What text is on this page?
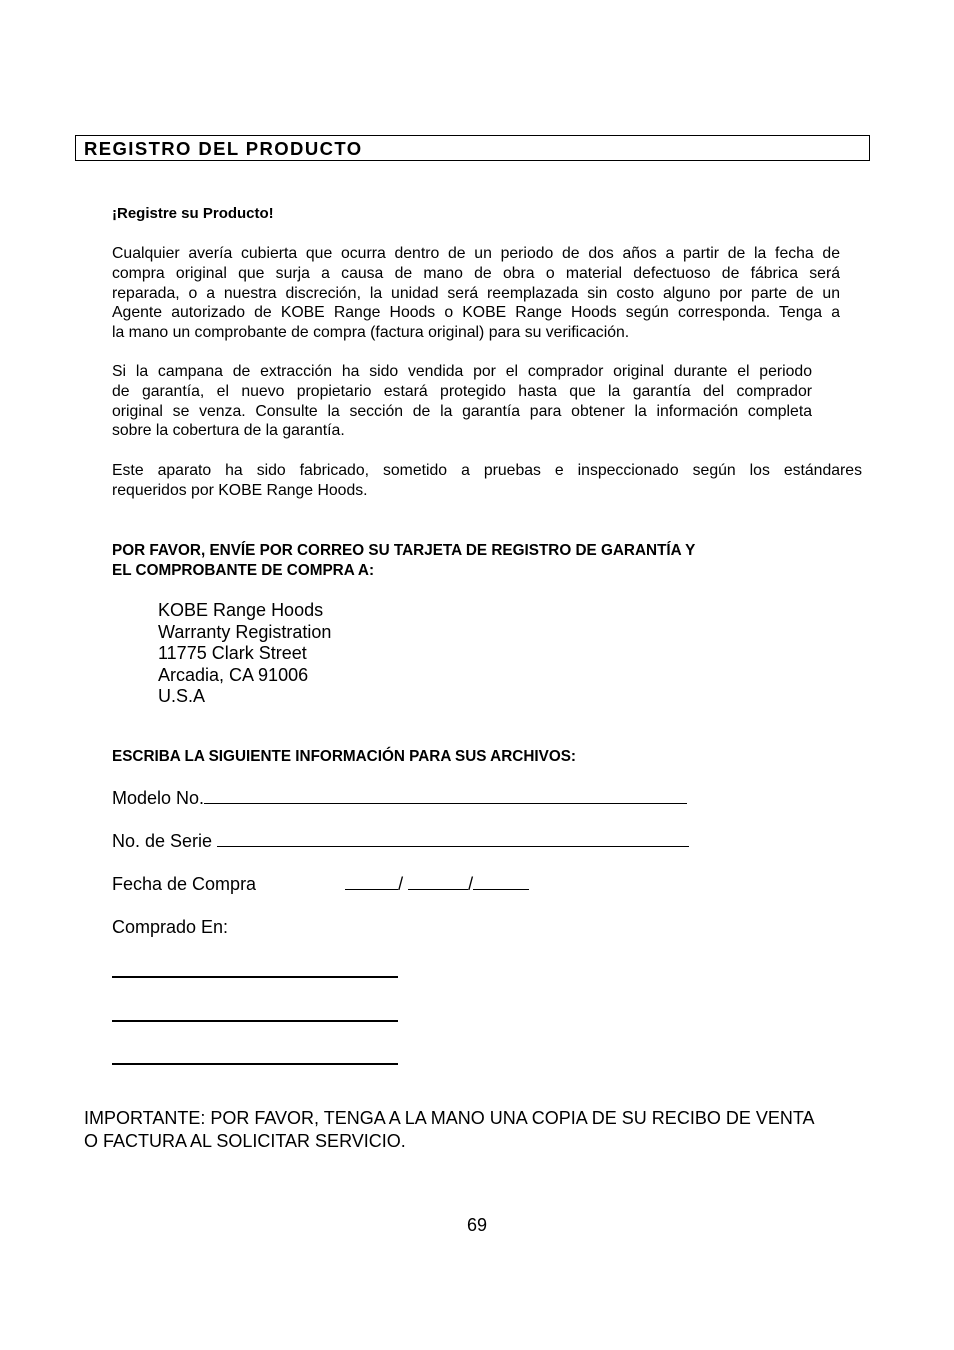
REGISTRO DEL PRODUCTO
¡Registre su Producto!
Cualquier avería cubierta que ocurra dentro de un periodo de dos años a partir de la fecha de
compra original que surja a causa de mano de obra o material defectuoso de fábrica será
reparada, o a nuestra discreción, la unidad será reemplazada sin costo alguno por parte de un
Agente autorizado de KOBE Range Hoods o KOBE Range Hoods según corresponda. Tenga a
la mano un comprobante de compra (factura original) para su verificación.
Si la campana de extracción ha sido vendida por el comprador original durante el periodo
de garantía, el nuevo propietario estará protegido hasta que la garantía del comprador
original se venza. Consulte la sección de la garantía para obtener la información completa
sobre la cobertura de la garantía.
Este aparato ha sido fabricado, sometido a pruebas e inspeccionado según los estándares
requeridos por KOBE Range Hoods.
POR FAVOR, ENVÍE POR CORREO SU TARJETA DE REGISTRO DE GARANTÍA Y
EL COMPROBANTE DE COMPRA A:
KOBE Range Hoods
Warranty Registration
11775 Clark Street
Arcadia, CA 91006
U.S.A
ESCRIBA LA SIGUIENTE INFORMACIÓN PARA SUS ARCHIVOS:
Modelo No.
No. de Serie
Fecha de Compra	/	/
Comprado En:
IMPORTANTE: POR FAVOR, TENGA A LA MANO UNA COPIA DE SU RECIBO DE VENTA
O FACTURA AL SOLICITAR SERVICIO.
69
